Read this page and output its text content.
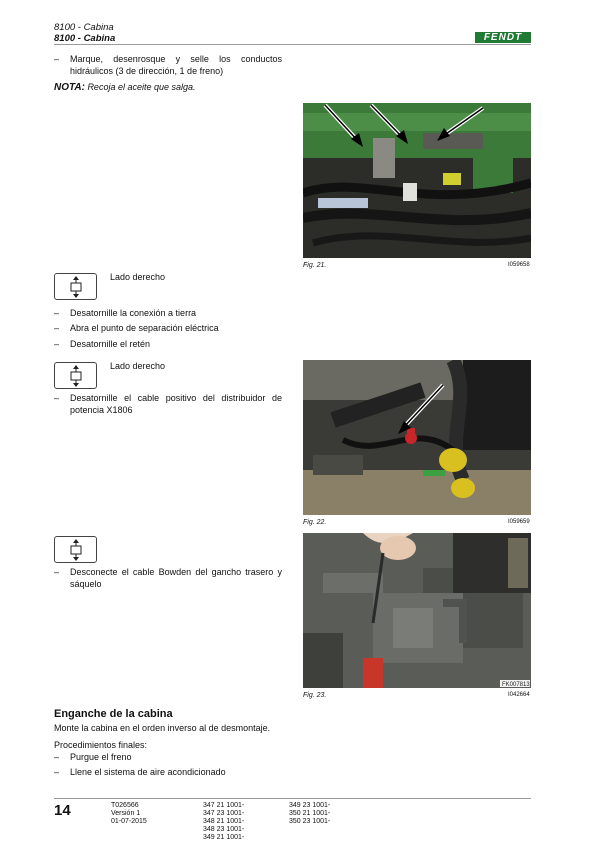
8100 - Cabina
8100 - Cabina	FENDT
–	Marque, desenrosque y selle los conductos hidráulicos (3 de dirección, 1 de freno)
NOTA: Recoja el aceite que salga.
Fig. 21.	I059658
Lado derecho
–	Desatornille la conexión a tierra
–	Abra el punto de separación eléctrica
–	Desatornille el retén
Lado derecho
–	Desatornille el cable positivo del distribuidor de potencia X1806
Fig. 22.	I059659
–	Desconecte el cable Bowden del gancho trasero y sáquelo
FK007813
Fig. 23.	I042664
Enganche de la cabina
Monte la cabina en el orden inverso al de desmontaje.
Procedimientos finales:
–	Purgue el freno
–	Llene el sistema de aire acondicionado
14	T026566
Versión 1
01-07-2015
347 21 1001-
347 23 1001-
348 21 1001-
348 23 1001-
349 21 1001-
349 23 1001-
350 21 1001-
350 23 1001-
